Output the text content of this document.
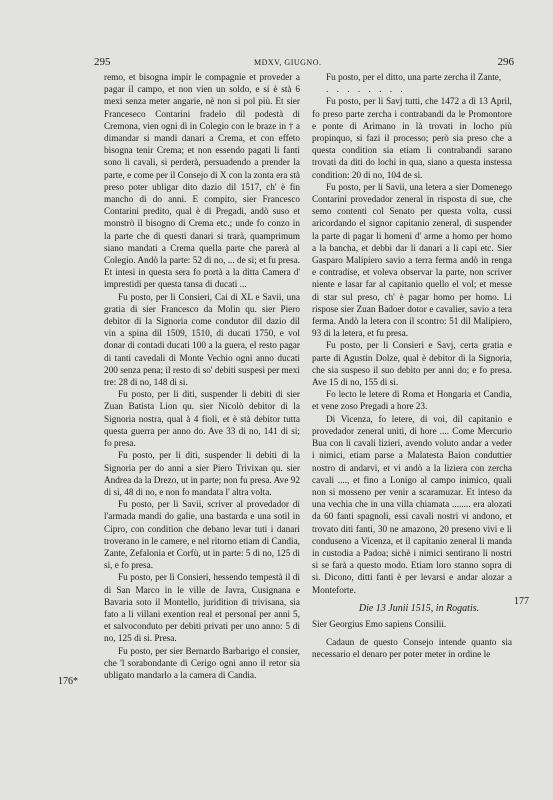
295	MDXV, GIUGNO.	296
176*
177

remo, et bisogna impir le compagnie et proveder a pagar il campo, et non vien un soldo, e si è stà 6 mexi senza meter angarie, nè non si pol più. Et sier Franceseco Contarini fradelo dil podestà di Cremona, vien ogni dì in Colegio con le braze in † a dimandar si mandi danari a Crema, et con effeto bisogna tenir Crema; et non essendo pagati li fanti sono li cavali, si perderà, persuadendo a prender la parte, e come per il Consejo di X con la zonta era stà preso poter ubligar dito dazio dil 1517, ch' è fin mancho di do anni. E compito, sier Francesco Contarini predito, qual è di Pregadi, andò suso et monstrò il bisogno di Crema etc.; unde fo conzo in la parte che di questi danari si trarà, quamprimum siano mandati a Crema quella parte che parerà al Colegio. Andò la parte: 52 di no, ... de si; et fu presa. Et intesi in questa sera fo portà a la ditta Camera d' imprestidi per questa tansa di ducati ...

Fu posto, per li Consieri, Cai di XL e Savii, una gratia di sier Francesco da Molin qu. sier Piero debitor di la Signoria come condutor dil dazio dil vin a spina dil 1509, 1510, di ducati 1750, e vol donar di contadi ducati 100 a la guera, el resto pagar di tanti cavedali di Monte Vechio ogni anno ducati 200 senza pena; il resto di so' debiti suspesi per mexi tre: 28 di no, 148 di si.

Fu posto, per li diti, suspender li debiti di sier Zuan Batista Lion qu. sier Nicolò debitor di la Signoria nostra, qual à 4 fioli, et è stà debitor tutta questa guerra per anno do. Ave 33 di no, 141 di si; fo presa.

Fu posto, per li diti, suspender li debiti di la Signoria per do anni a sier Piero Trivixan qu. sier Andrea da la Drezo, ut in parte; non fu presa. Ave 92 di si, 48 di no, e non fo mandata l' altra volta.

Fu posto, per li Savii, scriver al provedador di l'armada mandi do galie, una bastarda e una sotil in Cipro, con condition che debano levar tuti i danari troverano in le camere, e nel ritorno etiam di Candia, Zante, Zefalonia et Corfù, ut in parte: 5 di no, 125 di si, e fo presa.

Fu posto, per li Consieri, hessendo tempestà il dì di San Marco in le ville de Javra, Cusignana e Bavaria soto il Montello, juridition di trivisana, sia fato a li villani exention real et personal per anni 5, et salvoconduto per debiti privati per uno anno: 5 di no, 125 di si. Presa.

Fu posto, per sier Bernardo Barbarigo el consier, che 'l sorabondante di Cerigo ogni anno il retor sia ubligato mandarlo a la camera di Candia.

Fu posto, per el ditto, una parte zercha il Zante,

. . . . . . . .

Fu posto, per li Savj tutti, che 1472 a dì 13 April, fo preso parte zercha i contrabandi da le Promontore e ponte di Arimano in là trovati in locho più propinquo, si fazi il processo; però sia preso che a questa condition sia etiam li contrabandi sarano trovati da diti do lochi in qua, siano a questa instessa condition: 20 di no, 104 de si.

Fu posto, per li Savii, una letera a sier Domenego Contarini provedador zeneral in risposta di sue, che semo contenti col Senato per questa volta, cussi aricordando el signor capitanio zeneral, di suspender la parte di pagar li homeni d' arme a homo per homo a la bancha, et debbi dar li danari a li capi etc. Sier Gasparo Malipiero savio a terra ferma andò in renga e contradise, et voleva observar la parte, non scriver niente e lasar far al capitanio quello el vol; et messe di star sul preso, ch' è pagar homo per homo. Li rispose sier Zuan Badoer dotor e cavalier, savio a tera ferma. Andò la letera con il scontro: 51 dil Malipiero, 93 di la letera, et fu presa.

Fu posto, per li Consieri e Savj, certa gratia e parte di Agustin Dolze, qual è debitor di la Signoria, che sia suspeso il suo debito per anni do; e fo presa. Ave 15 di no, 155 di si.

Fo lecto le letere di Roma et Hongaria et Candia, et vene zoso Pregadi a hore 23.

Di Vicenza, fo letere, di voi, dil capitanio e provedador zeneral uniti, di hore .... Come Mercurio Bua con li cavali lizieri, avendo voluto andar a veder i nimici, etiam parse a Malatesta Baion conduttier nostro di andarvi, et vi andò a la liziera con zercha cavali ...., et fino a Lonigo al campo inimico, quali non si mosseno per venir a scaramuzar. Et inteso da una vechia che in una villa chiamata ........ era alozati da 60 fanti spagnoli, essi cavali nostri vi andono, et trovato diti fanti, 30 ne amazono, 20 preseno vivi e li conduseno a Vicenza, et il capitanio zeneral li manda in custodia a Padoa; sichè i nimici sentirano li nostri si se farà a questo modo. Etiam loro stanno sopra di si. Dicono, ditti fanti è per levarsi e andar alozar a Monteforte.

Die 13 Junii 1515, in Rogatis.

Sier Georgius Emo sapiens Consilii.

Cadaun de questo Consejo intende quanto sia necessario el denaro per poter meter in ordine le
